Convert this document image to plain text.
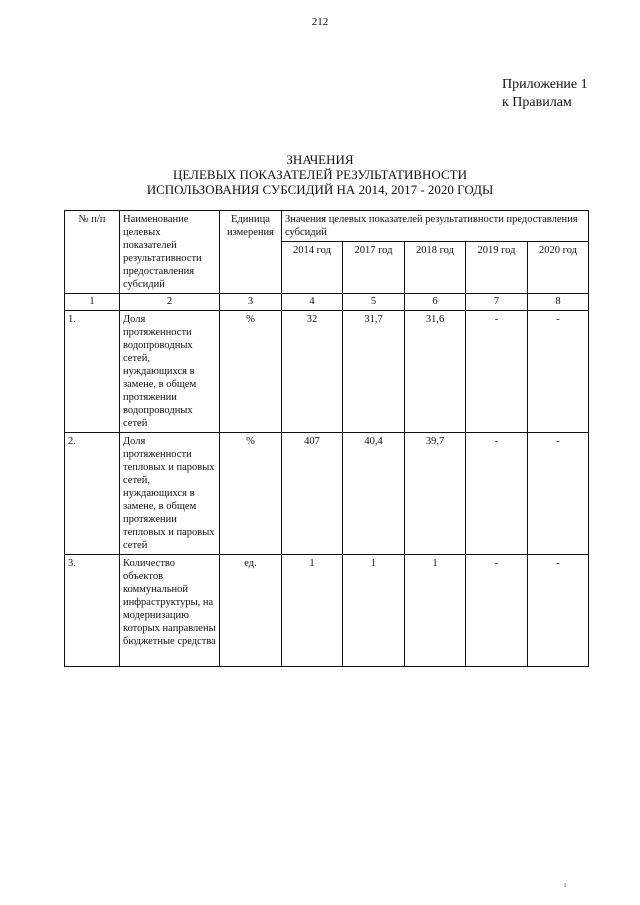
212
Приложение 1
к Правилам
ЗНАЧЕНИЯ
ЦЕЛЕВЫХ ПОКАЗАТЕЛЕЙ РЕЗУЛЬТАТИВНОСТИ
ИСПОЛЬЗОВАНИЯ СУБСИДИЙ НА 2014, 2017 - 2020 ГОДЫ
№ п/п	Наименование целевых показателей результативности предоставления субсидий	Единица измерения	Значения целевых показателей результативности предоставления субсидий				
			2014 год	2017 год	2018 год	2019 год	2020 год
1	2	3	4	5	6	7	8
1.	Доля протяженности водопроводных сетей, нуждающихся в замене, в общем протяжении водопроводных сетей	%	32	31,7	31,6	-	-
2.	Доля протяженности тепловых и паровых сетей, нуждающихся в замене, в общем протяжении тепловых и паровых сетей	%	407	40,4	39,7	-	-
3.	Количество объектов коммунальной инфраструктуры, на модернизацию которых направлены бюджетные средства	ед.	1	1	1	-	-
ı
